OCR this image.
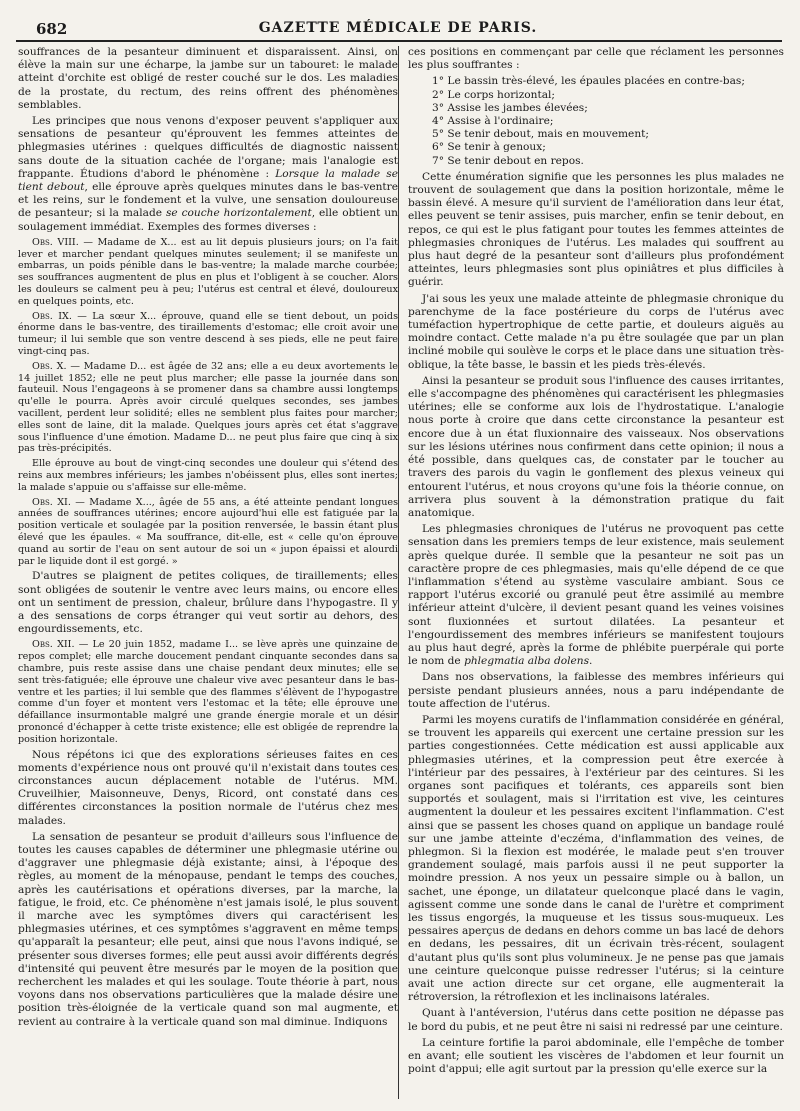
682	GAZETTE MÉDICALE DE PARIS.

souffrances de la pesanteur diminuent et disparaissent. Ainsi, on élève la main sur une écharpe, la jambe sur un tabouret: le malade atteint d'orchite est obligé de rester couché sur le dos. Les maladies de la prostate, du rectum, des reins offrent des phénomènes semblables.

Les principes que nous venons d'exposer peuvent s'appliquer aux sensations de pesanteur qu'éprouvent les femmes atteintes de phlegmasies utérines : quelques difficultés de diagnostic naissent sans doute de la situation cachée de l'organe; mais l'analogie est frappante. Étudions d'abord le phénomène : Lorsque la malade se tient debout, elle éprouve après quelques minutes dans le bas-ventre et les reins, sur le fondement et la vulve, une sensation douloureuse de pesanteur; si la malade se couche horizontalement, elle obtient un soulagement immédiat. Exemples des formes diverses :

Obs. VIII. — Madame de X... est au lit depuis plusieurs jours; on l'a fait lever et marcher pendant quelques minutes seulement; il se manifeste un embarras, un poids pénible dans le bas-ventre; la malade marche courbée; ses souffrances augmentent de plus en plus et l'obligent à se coucher. Alors les douleurs se calment peu à peu; l'utérus est central et élevé, douloureux en quelques points, etc.

Obs. IX. — La sœur X... éprouve, quand elle se tient debout, un poids énorme dans le bas-ventre, des tiraillements d'estomac; elle croit avoir une tumeur; il lui semble que son ventre descend à ses pieds, elle ne peut faire vingt-cinq pas.

Obs. X. — Madame D... est âgée de 32 ans; elle a eu deux avortements le 14 juillet 1852; elle ne peut plus marcher; elle passe la journée dans son fauteuil. Nous l'engageons à se promener dans sa chambre aussi longtemps qu'elle le pourra. Après avoir circulé quelques secondes, ses jambes vacillent, perdent leur solidité; elles ne semblent plus faites pour marcher; elles sont de laine, dit la malade. Quelques jours après cet état s'aggrave sous l'influence d'une émotion. Madame D... ne peut plus faire que cinq à six pas très-précipités.

Elle éprouve au bout de vingt-cinq secondes une douleur qui s'étend des reins aux membres inférieurs; les jambes n'obéissent plus, elles sont inertes; la malade s'appuie ou s'affaisse sur elle-même.

Obs. XI. — Madame X..., âgée de 55 ans, a été atteinte pendant longues années de souffrances utérines; encore aujourd'hui elle est fatiguée par la position verticale et soulagée par la position renversée, le bassin étant plus élevé que les épaules. « Ma souffrance, dit-elle, est « celle qu'on éprouve quand au sortir de l'eau on sent autour de soi un « jupon épaissi et alourdi par le liquide dont il est gorgé. »

D'autres se plaignent de petites coliques, de tiraillements; elles sont obligées de soutenir le ventre avec leurs mains, ou encore elles ont un sentiment de pression, chaleur, brûlure dans l'hypogastre. Il y a des sensations de corps étranger qui veut sortir au dehors, des engourdissements, etc.

Obs. XII. — Le 20 juin 1852, madame I... se lève après une quinzaine de repos complet; elle marche doucement pendant cinquante secondes dans sa chambre, puis reste assise dans une chaise pendant deux minutes; elle se sent très-fatiguée; elle éprouve une chaleur vive avec pesanteur dans le bas-ventre et les parties; il lui semble que des flammes s'élèvent de l'hypogastre comme d'un foyer et montent vers l'estomac et la tête; elle éprouve une défaillance insurmontable malgré une grande énergie morale et un désir prononcé d'échapper à cette triste existence; elle est obligée de reprendre la position horizontale.

Nous répétons ici que des explorations sérieuses faites en ces moments d'expérience nous ont prouvé qu'il n'existait dans toutes ces circonstances aucun déplacement notable de l'utérus. MM. Cruveilhier, Maisonneuve, Denys, Ricord, ont constaté dans ces différentes circonstances la position normale de l'utérus chez mes malades.

La sensation de pesanteur se produit d'ailleurs sous l'influence de toutes les causes capables de déterminer une phlegmasie utérine ou d'aggraver une phlegmasie déjà existante; ainsi, à l'époque des règles, au moment de la ménopause, pendant le temps des couches, après les cautérisations et opérations diverses, par la marche, la fatigue, le froid, etc. Ce phénomène n'est jamais isolé, le plus souvent il marche avec les symptômes divers qui caractérisent les phlegmasies utérines, et ces symptômes s'aggravent en même temps qu'apparaît la pesanteur; elle peut, ainsi que nous l'avons indiqué, se présenter sous diverses formes; elle peut aussi avoir différents degrés d'intensité qui peuvent être mesurés par le moyen de la position que recherchent les malades et qui les soulage. Toute théorie à part, nous voyons dans nos observations particulières que la malade désire une position très-éloignée de la verticale quand son mal augmente, et revient au contraire à la verticale quand son mal diminue. Indiquons

ces positions en commençant par celle que réclament les personnes les plus souffrantes :

1° Le bassin très-élevé, les épaules placées en contre-bas;
2° Le corps horizontal;
3° Assise les jambes élevées;
4° Assise à l'ordinaire;
5° Se tenir debout, mais en mouvement;
6° Se tenir à genoux;
7° Se tenir debout en repos.

Cette énumération signifie que les personnes les plus malades ne trouvent de soulagement que dans la position horizontale, même le bassin élevé. A mesure qu'il survient de l'amélioration dans leur état, elles peuvent se tenir assises, puis marcher, enfin se tenir debout, en repos, ce qui est le plus fatigant pour toutes les femmes atteintes de phlegmasies chroniques de l'utérus. Les malades qui souffrent au plus haut degré de la pesanteur sont d'ailleurs plus profondément atteintes, leurs phlegmasies sont plus opiniâtres et plus difficiles à guérir.

J'ai sous les yeux une malade atteinte de phlegmasie chronique du parenchyme de la face postérieure du corps de l'utérus avec tuméfaction hypertrophique de cette partie, et douleurs aiguës au moindre contact. Cette malade n'a pu être soulagée que par un plan incliné mobile qui soulève le corps et le place dans une situation très-oblique, la tête basse, le bassin et les pieds très-élevés.

Ainsi la pesanteur se produit sous l'influence des causes irritantes, elle s'accompagne des phénomènes qui caractérisent les phlegmasies utérines; elle se conforme aux lois de l'hydrostatique. L'analogie nous porte à croire que dans cette circonstance la pesanteur est encore due à un état fluxionnaire des vaisseaux. Nos observations sur les lésions utérines nous confirment dans cette opinion; il nous a été possible, dans quelques cas, de constater par le toucher au travers des parois du vagin le gonflement des plexus veineux qui entourent l'utérus, et nous croyons qu'une fois la théorie connue, on arrivera plus souvent à la démonstration pratique du fait anatomique.

Les phlegmasies chroniques de l'utérus ne provoquent pas cette sensation dans les premiers temps de leur existence, mais seulement après quelque durée. Il semble que la pesanteur ne soit pas un caractère propre de ces phlegmasies, mais qu'elle dépend de ce que l'inflammation s'étend au système vasculaire ambiant. Sous ce rapport l'utérus excorié ou granulé peut être assimilé au membre inférieur atteint d'ulcère, il devient pesant quand les veines voisines sont fluxionnées et surtout dilatées. La pesanteur et l'engourdissement des membres inférieurs se manifestent toujours au plus haut degré, après la forme de phlébite puerpérale qui porte le nom de phlegmatia alba dolens.

Dans nos observations, la faiblesse des membres inférieurs qui persiste pendant plusieurs années, nous a paru indépendante de toute affection de l'utérus.

Parmi les moyens curatifs de l'inflammation considérée en général, se trouvent les appareils qui exercent une certaine pression sur les parties congestionnées. Cette médication est aussi applicable aux phlegmasies utérines, et la compression peut être exercée à l'intérieur par des pessaires, à l'extérieur par des ceintures. Si les organes sont pacifiques et tolérants, ces appareils sont bien supportés et soulagent, mais si l'irritation est vive, les ceintures augmentent la douleur et les pessaires excitent l'inflammation. C'est ainsi que se passent les choses quand on applique un bandage roulé sur une jambe atteinte d'eczéma, d'inflammation des veines, de phlegmon. Si la flexion est modérée, le malade peut s'en trouver grandement soulagé, mais parfois aussi il ne peut supporter la moindre pression. A nos yeux un pessaire simple ou à ballon, un sachet, une éponge, un dilatateur quelconque placé dans le vagin, agissent comme une sonde dans le canal de l'urètre et compriment les tissus engorgés, la muqueuse et les tissus sous-muqueux. Les pessaires aperçus de dedans en dehors comme un bas lacé de dehors en dedans, les pessaires, dit un écrivain très-récent, soulagent d'autant plus qu'ils sont plus volumineux. Je ne pense pas que jamais une ceinture quelconque puisse redresser l'utérus; si la ceinture avait une action directe sur cet organe, elle augmenterait la rétroversion, la rétroflexion et les inclinaisons latérales.

Quant à l'antéversion, l'utérus dans cette position ne dépasse pas le bord du pubis, et ne peut être ni saisi ni redressé par une ceinture.

La ceinture fortifie la paroi abdominale, elle l'empêche de tomber en avant; elle soutient les viscères de l'abdomen et leur fournit un point d'appui; elle agit surtout par la pression qu'elle exerce sur la
